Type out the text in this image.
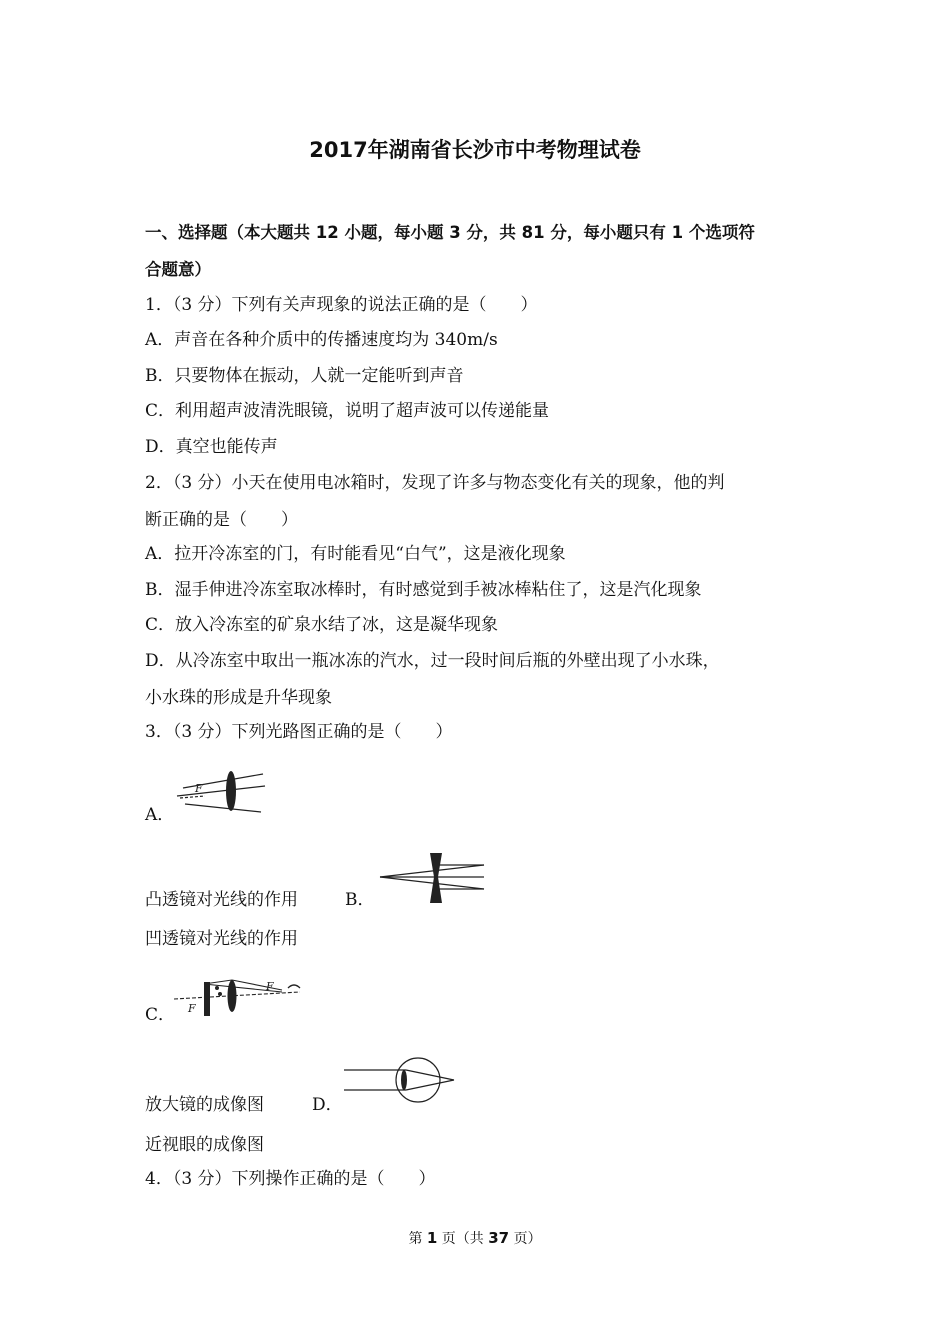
2017年湖南省长沙市中考物理试卷
一、选择题（本大题共 12 小题，每小题 3 分，共 81 分，每小题只有 1 个选项符
合题意）
1．（3 分）下列有关声现象的说法正确的是（　　）
A．声音在各种介质中的传播速度均为 340m/s
B．只要物体在振动，人就一定能听到声音
C．利用超声波清洗眼镜，说明了超声波可以传递能量
D．真空也能传声
2．（3 分）小天在使用电冰箱时，发现了许多与物态变化有关的现象，他的判
断正确的是（　　）
A．拉开冷冻室的门，有时能看见“白气”，这是液化现象
B．湿手伸进冷冻室取冰棒时，有时感觉到手被冰棒粘住了，这是汽化现象
C．放入冷冻室的矿泉水结了冰，这是凝华现象
D．从冷冻室中取出一瓶冰冻的汽水，过一段时间后瓶的外壁出现了小水珠，
小水珠的形成是升华现象
3．（3 分）下列光路图正确的是（　　）
A．
F
凸透镜对光线的作用	B．
凹透镜对光线的作用
C．
F
F
放大镜的成像图	D．
近视眼的成像图
4．（3 分）下列操作正确的是（　　）
第 1 页（共 37 页）
